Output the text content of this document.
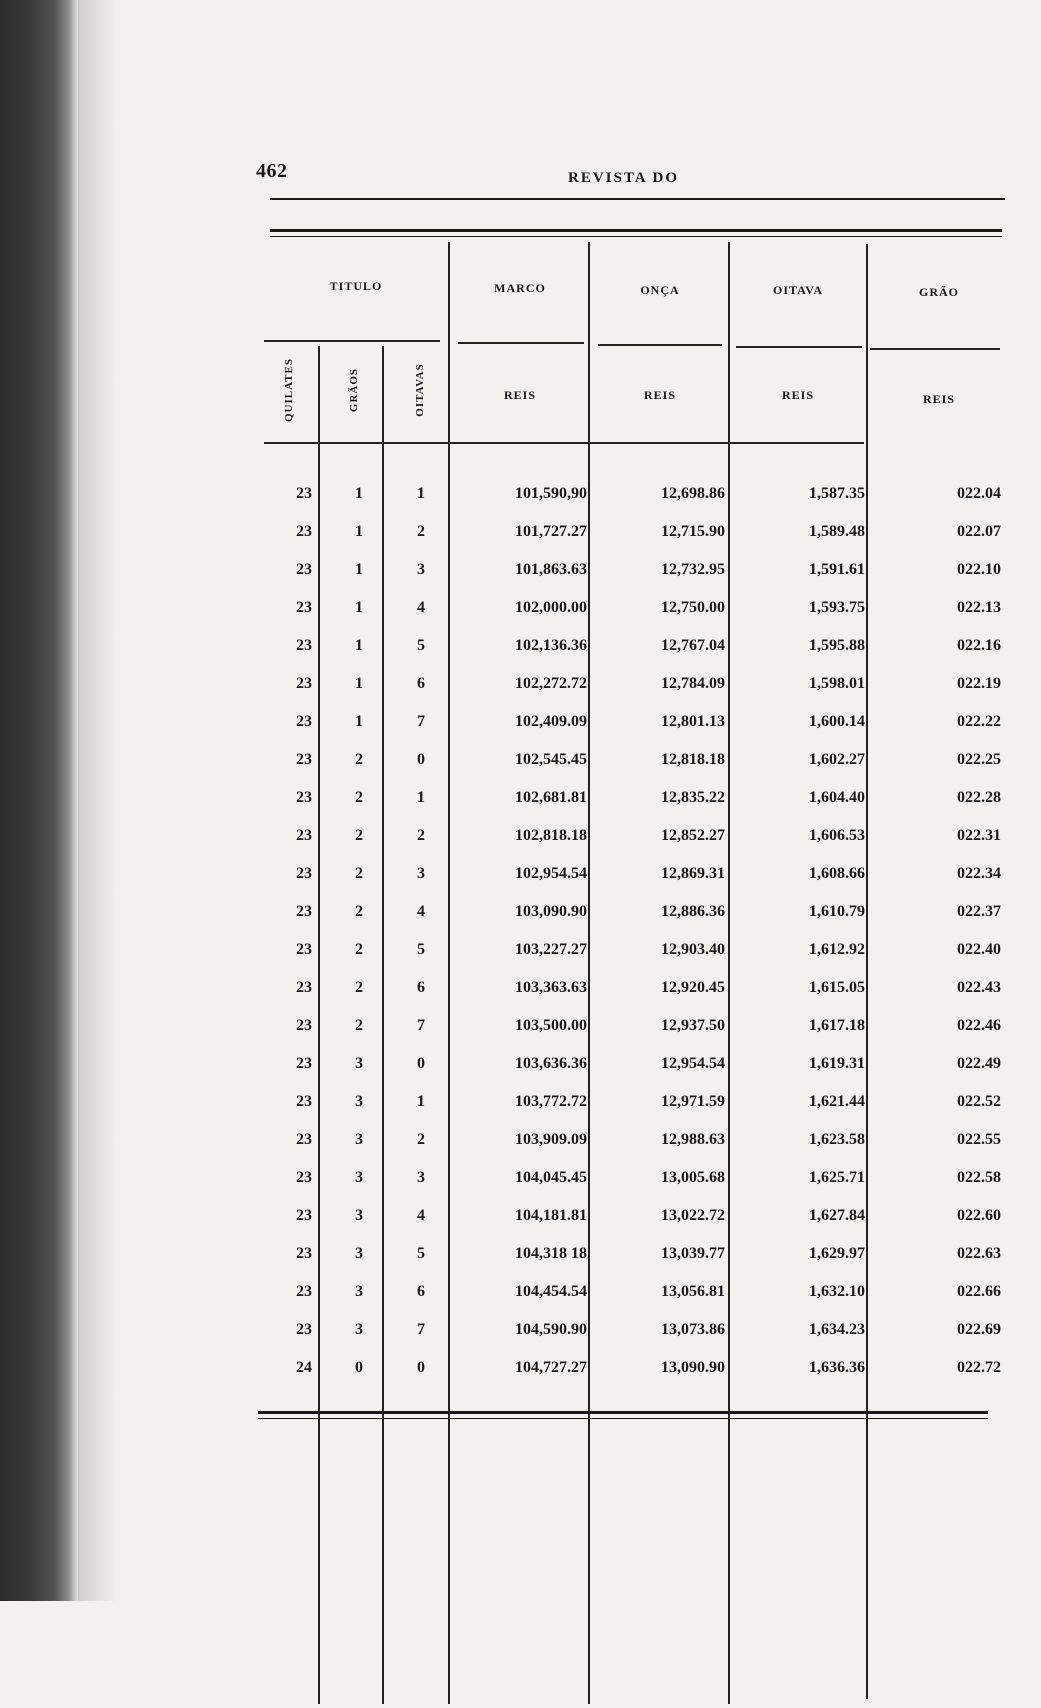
462	REVISTA DO
TITULO	MARCO	ONÇA	OITAVA	GRÃO
QUILATES	GRÃOS	OITAVAS	REIS	REIS	REIS	REIS
23	1	1	101,590,90	12,698.86	1,587.35	022.04
23	1	2	101,727.27	12,715.90	1,589.48	022.07
23	1	3	101,863.63	12,732.95	1,591.61	022.10
23	1	4	102,000.00	12,750.00	1,593.75	022.13
23	1	5	102,136.36	12,767.04	1,595.88	022.16
23	1	6	102,272.72	12,784.09	1,598.01	022.19
23	1	7	102,409.09	12,801.13	1,600.14	022.22
23	2	0	102,545.45	12,818.18	1,602.27	022.25
23	2	1	102,681.81	12,835.22	1,604.40	022.28
23	2	2	102,818.18	12,852.27	1,606.53	022.31
23	2	3	102,954.54	12,869.31	1,608.66	022.34
23	2	4	103,090.90	12,886.36	1,610.79	022.37
23	2	5	103,227.27	12,903.40	1,612.92	022.40
23	2	6	103,363.63	12,920.45	1,615.05	022.43
23	2	7	103,500.00	12,937.50	1,617.18	022.46
23	3	0	103,636.36	12,954.54	1,619.31	022.49
23	3	1	103,772.72	12,971.59	1,621.44	022.52
23	3	2	103,909.09	12,988.63	1,623.58	022.55
23	3	3	104,045.45	13,005.68	1,625.71	022.58
23	3	4	104,181.81	13,022.72	1,627.84	022.60
23	3	5	104,318 18	13,039.77	1,629.97	022.63
23	3	6	104,454.54	13,056.81	1,632.10	022.66
23	3	7	104,590.90	13,073.86	1,634.23	022.69
24	0	0	104,727.27	13,090.90	1,636.36	022.72
